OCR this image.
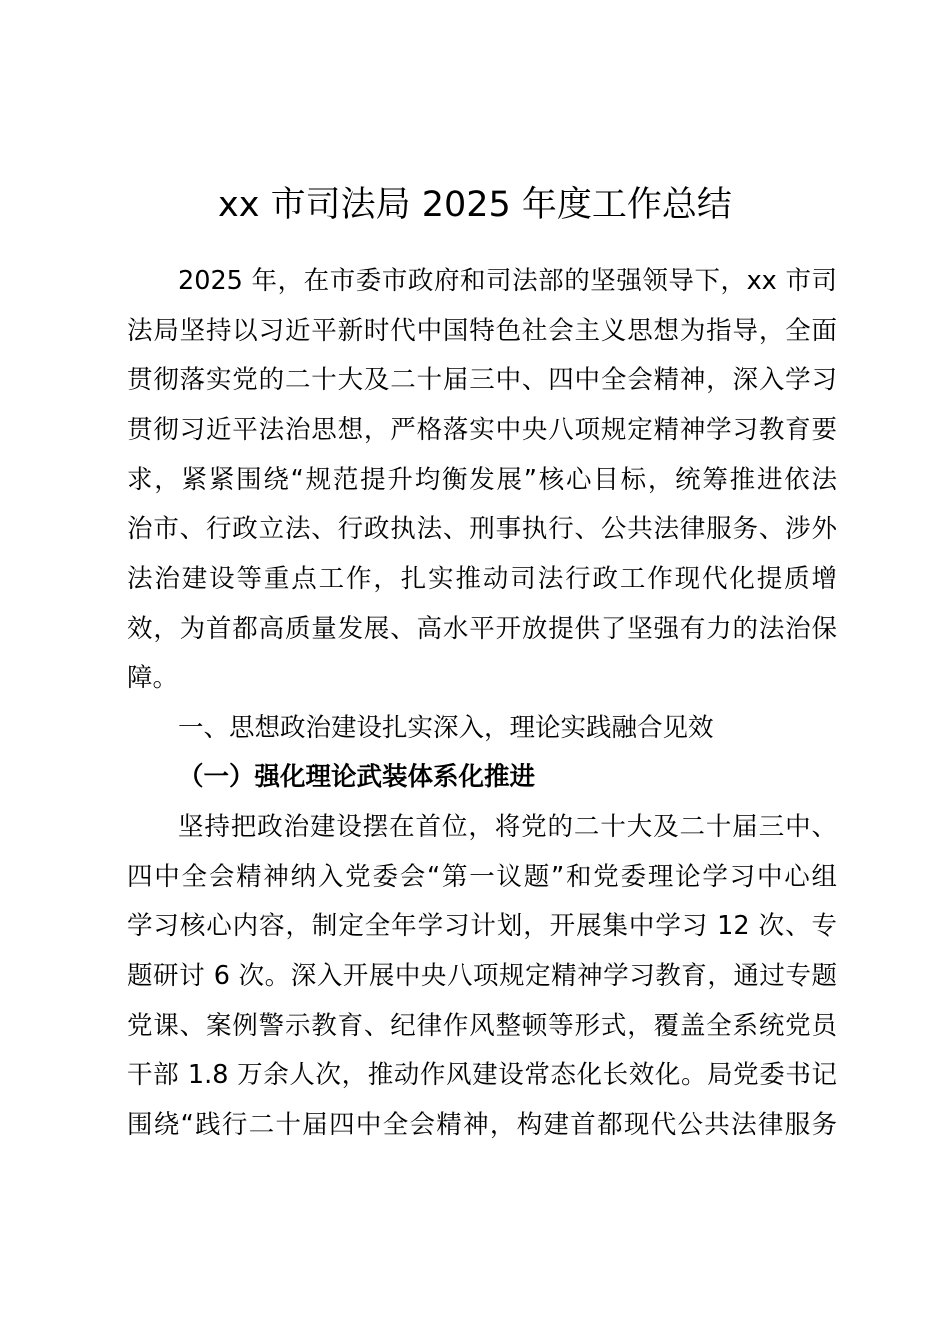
xx 市司法局 2025 年度工作总结
2025 年，在市委市政府和司法部的坚强领导下，xx 市司
法局坚持以习近平新时代中国特色社会主义思想为指导，全面
贯彻落实党的二十大及二十届三中、四中全会精神，深入学习
贯彻习近平法治思想，严格落实中央八项规定精神学习教育要
求，紧紧围绕“规范提升均衡发展”核心目标，统筹推进依法
治市、行政立法、行政执法、刑事执行、公共法律服务、涉外
法治建设等重点工作，扎实推动司法行政工作现代化提质增
效，为首都高质量发展、高水平开放提供了坚强有力的法治保
障。
一、思想政治建设扎实深入，理论实践融合见效
（一）强化理论武装体系化推进
坚持把政治建设摆在首位，将党的二十大及二十届三中、
四中全会精神纳入党委会“第一议题”和党委理论学习中心组
学习核心内容，制定全年学习计划，开展集中学习 12 次、专
题研讨 6 次。深入开展中央八项规定精神学习教育，通过专题
党课、案例警示教育、纪律作风整顿等形式，覆盖全系统党员
干部 1.8 万余人次，推动作风建设常态化长效化。局党委书记
围绕“践行二十届四中全会精神，构建首都现代公共法律服务
